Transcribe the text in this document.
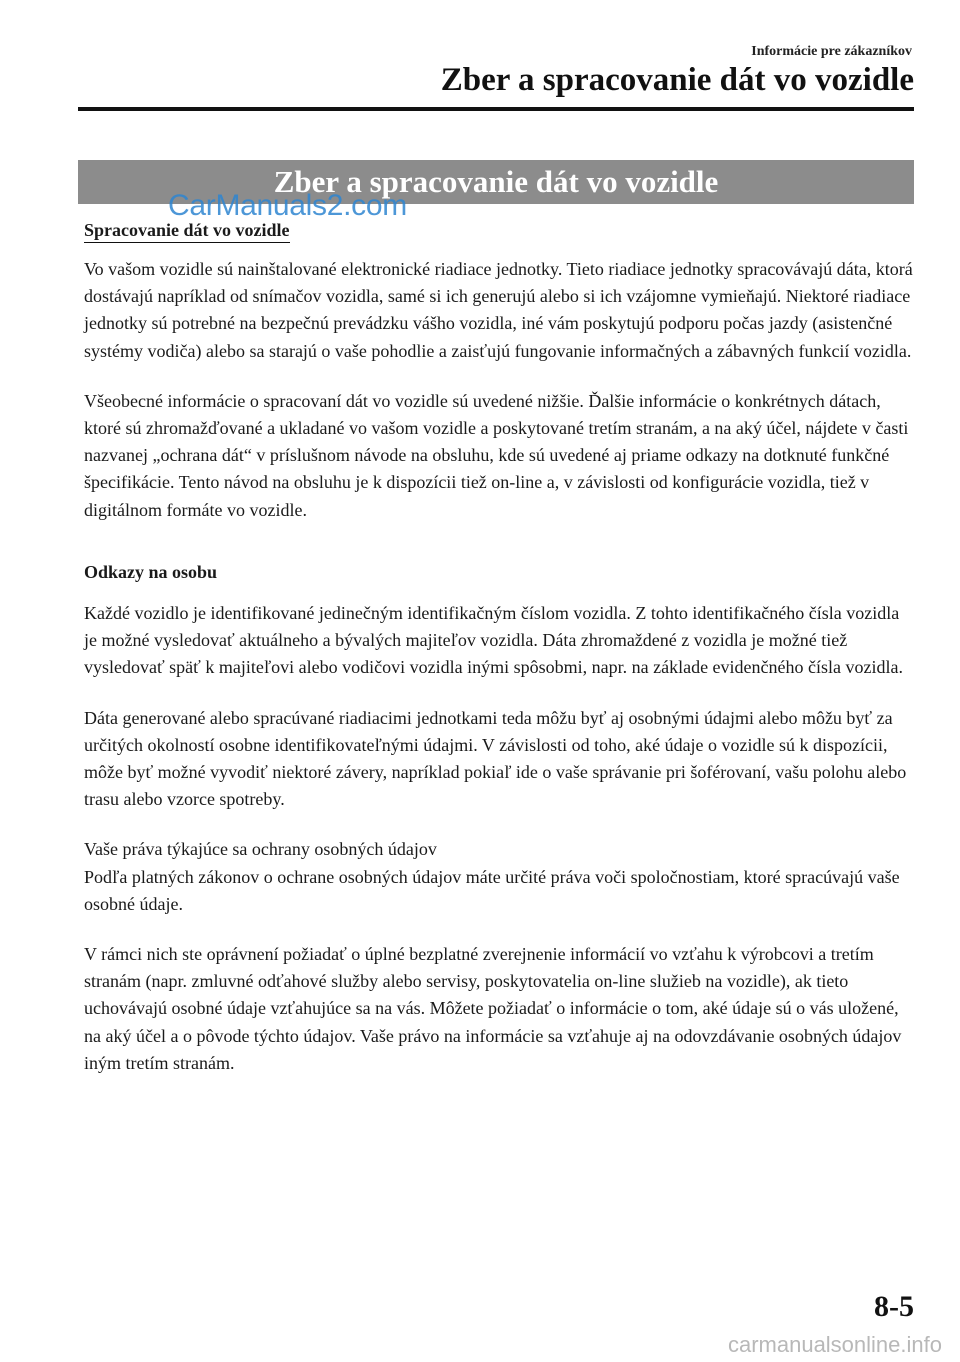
Informácie pre zákazníkov
Zber a spracovanie dát vo vozidle
Zber a spracovanie dát vo vozidle
CarManuals2.com
Spracovanie dát vo vozidle

Vo vašom vozidle sú nainštalované elektronické riadiace jednotky. Tieto riadiace jednotky spracovávajú dáta, ktorá dostávajú napríklad od snímačov vozidla, samé si ich generujú alebo si ich vzájomne vymieňajú. Niektoré riadiace jednotky sú potrebné na bezpečnú prevádzku vášho vozidla, iné vám poskytujú podporu počas jazdy (asistenčné systémy vodiča) alebo sa starajú o vaše pohodlie a zaisťujú fungovanie informačných a zábavných funkcií vozidla.

Všeobecné informácie o spracovaní dát vo vozidle sú uvedené nižšie. Ďalšie informácie o konkrétnych dátach, ktoré sú zhromažďované a ukladané vo vašom vozidle a poskytované tretím stranám, a na aký účel, nájdete v časti nazvanej „ochrana dát“ v príslušnom návode na obsluhu, kde sú uvedené aj priame odkazy na dotknuté funkčné špecifikácie. Tento návod na obsluhu je k dispozícii tiež on-line a, v závislosti od konfigurácie vozidla, tiež v digitálnom formáte vo vozidle.

Odkazy na osobu

Každé vozidlo je identifikované jedinečným identifikačným číslom vozidla. Z tohto identifikačného čísla vozidla je možné vysledovať aktuálneho a bývalých majiteľov vozidla. Dáta zhromaždené z vozidla je možné tiež vysledovať späť k majiteľovi alebo vodičovi vozidla inými spôsobmi, napr. na základe evidenčného čísla vozidla.

Dáta generované alebo spracúvané riadiacimi jednotkami teda môžu byť aj osobnými údajmi alebo môžu byť za určitých okolností osobne identifikovateľnými údajmi. V závislosti od toho, aké údaje o vozidle sú k dispozícii, môže byť možné vyvodiť niektoré závery, napríklad pokiaľ ide o vaše správanie pri šoférovaní, vašu polohu alebo trasu alebo vzorce spotreby.

Vaše práva týkajúce sa ochrany osobných údajov

Podľa platných zákonov o ochrane osobných údajov máte určité práva voči spoločnostiam, ktoré spracúvajú vaše osobné údaje.

V rámci nich ste oprávnení požiadať o úplné bezplatné zverejnenie informácií vo vzťahu k výrobcovi a tretím stranám (napr. zmluvné odťahové služby alebo servisy, poskytovatelia on-line služieb na vozidle), ak tieto uchovávajú osobné údaje vzťahujúce sa na vás. Môžete požiadať o informácie o tom, aké údaje sú o vás uložené, na aký účel a o pôvode týchto údajov. Vaše právo na informácie sa vzťahuje aj na odovzdávanie osobných údajov iným tretím stranám.

8-5
carmanualsonline.info
